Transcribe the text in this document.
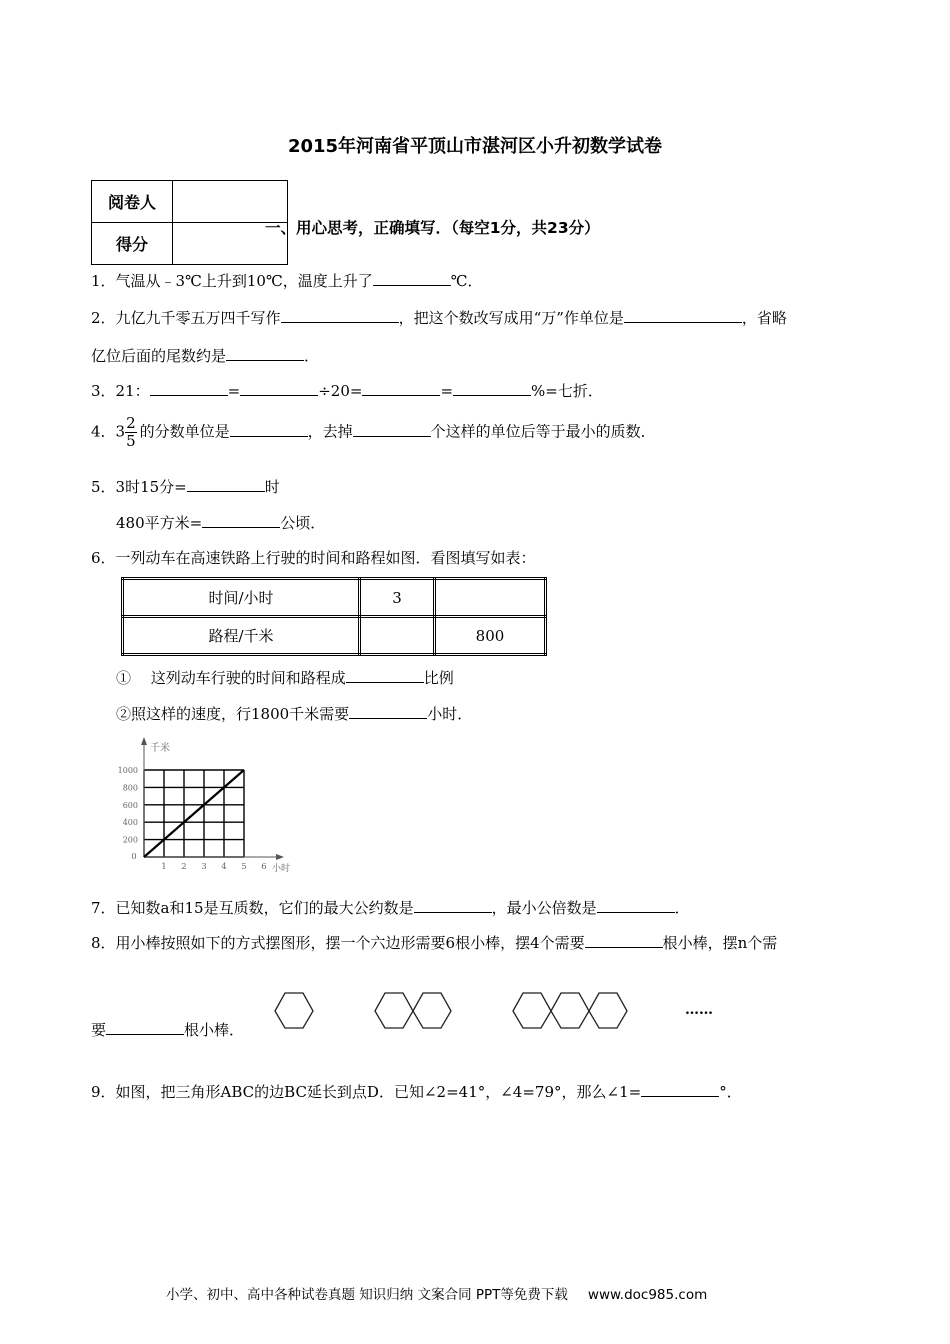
2015年河南省平顶山市湛河区小升初数学试卷
阅卷人	
得分	
一、用心思考，正确填写．（每空1分，共23分）
1．气温从﹣3℃上升到10℃，温度上升了	℃．
2．九亿九千零五万四千写作	，把这个数改写成用“万”作单位是	，省略
亿位后面的尾数约是	．
3．21：	=	÷20=	=	%=七折．
4．$3 \frac{2}{5}$ 的分数单位是	，去掉	个这样的单位后等于最小的质数．
5．3时15分=	时
480平方米=	公顷．
6．一列动车在高速铁路上行驶的时间和路程如图．看图填写如表：
时间/小时	3	
路程/千米		800
①　 这列动车行驶的时间和路程成	比例
②照这样的速度，行1800千米需要	小时．
千米
小时
0
1 2 3 4 5 6
200
400
600
800
1000
7．已知数a和15是互质数，它们的最大公约数是	，最小公倍数是	．
8．用小棒按照如下的方式摆图形，摆一个六边形需要6根小棒，摆4个需要	根小棒，摆n个需
要	根小棒．
……
9．如图，把三角形ABC的边BC延长到点D．已知∠2=41°，∠4=79°，那么∠1=	°．
小学、初中、高中各种试卷真题 知识归纳 文案合同 PPT等免费下载 www.doc985.com
